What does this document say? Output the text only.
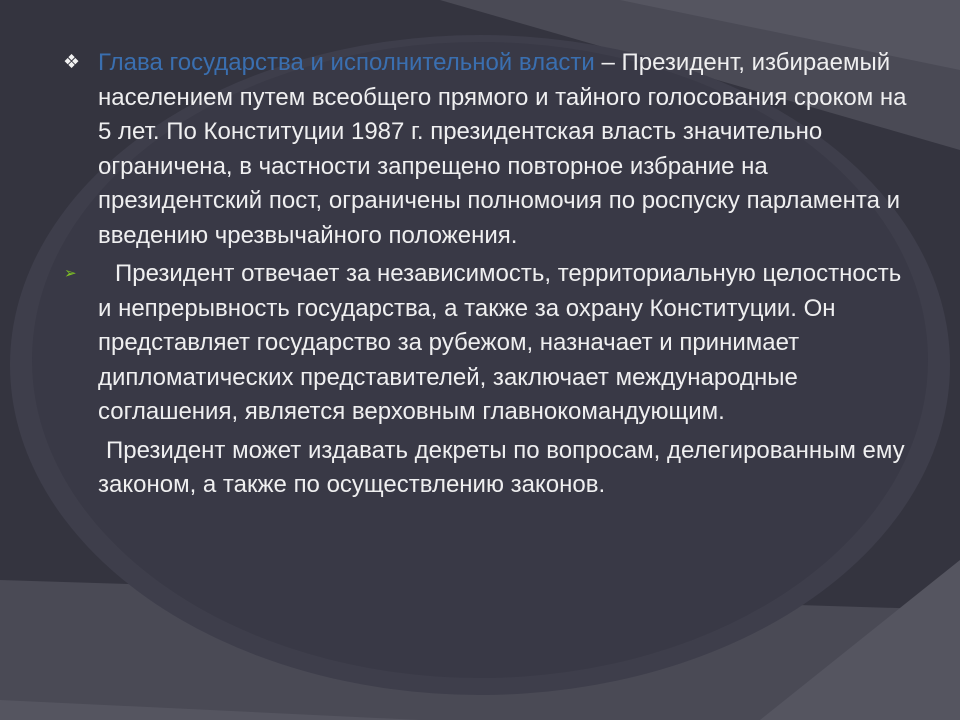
❖ Глава государства и исполнительной власти – Президент, избираемый населением путем всеобщего прямого и тайного голосования сроком на 5 лет. По Конституции 1987 г. президентская власть значительно ограничена, в частности запрещено повторное избрание на президентский пост, ограничены полномочия по роспуску парламента и введению чрезвычайного положения.
➢ Президент отвечает за независимость, территориальную целостность и непрерывность государства, а также за охрану Конституции. Он представляет государство за рубежом, назначает и принимает дипломатических представителей, заключает международные соглашения, является верховным главнокомандующим.
Президент может издавать декреты по вопросам, делегированным ему законом, а также по осуществлению законов.
